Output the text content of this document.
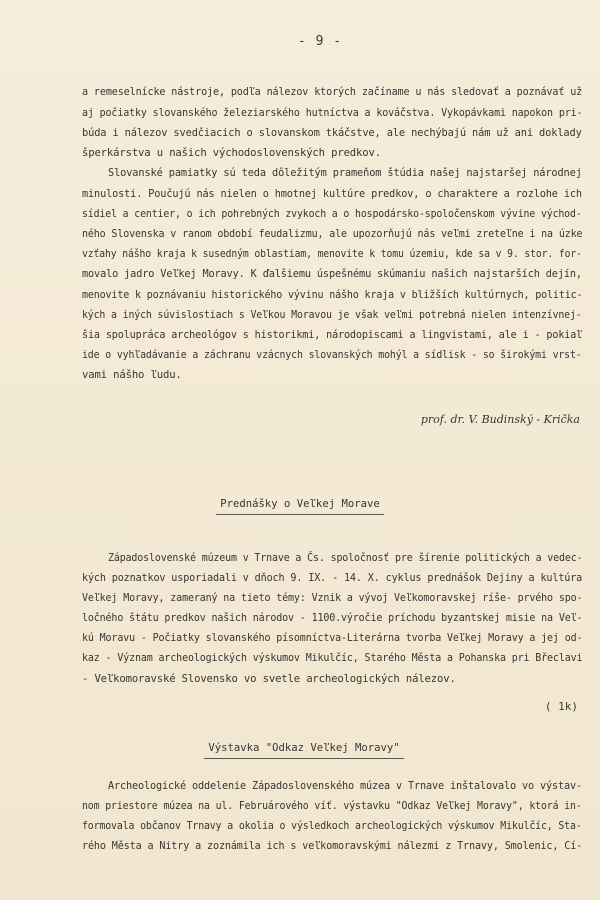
- 9 -
a remeselnícke nástroje, podľa nálezov ktorých začíname u nás sledovať a poznávať už
aj počiatky slovanského železiarského hutníctva a kováčstva. Vykopávkami napokon pri-
búda i nálezov svedčiacich o slovanskom tkáčstve, ale nechýbajú nám už ani doklady
šperkárstva u našich východoslovenských predkov.
Slovanské pamiatky sú teda dôležitým prameňom štúdia našej najstaršej národnej
minulosti. Poučujú nás nielen o hmotnej kultúre predkov, o charaktere a rozlohe ich
sídiel a centier, o ich pohrebných zvykoch a o hospodársko-spoločenskom vývine východ-
ného Slovenska v ranom období feudalizmu, ale upozorňujú nás veľmi zreteľne i na úzke
vzťahy nášho kraja k susedným oblastiam, menovite k tomu územiu, kde sa v 9. stor. for-
movalo jadro Veľkej Moravy. K ďalšiemu úspešnému skúmaniu našich najstarších dejín,
menovite k poznávaniu historického vývinu nášho kraja v bližších kultúrnych, politic-
kých a iných súvislostiach s Veľkou Moravou je však veľmi potrebná nielen intenzívnej-
šia spolupráca archeológov s historikmi, národopiscami a lingvistami, ale i - pokiaľ
ide o vyhľadávanie a záchranu vzácnych slovanských mohýl a sídlisk - so širokými vrst-
vami nášho ľudu.
prof. dr. V. Budinský - Krička
Prednášky o Veľkej Morave
Západoslovenské múzeum v Trnave a Čs. spoločnosť pre šírenie politických a vedec-
kých poznatkov usporiadali v dňoch 9. IX. - 14. X. cyklus prednášok Dejiny a kultúra
Veľkej Moravy, zameraný na tieto témy: Vznik a vývoj Veľkomoravskej ríše- prvého spo-
ločného štátu predkov našich národov - 1100.výročie príchodu byzantskej misie na Veľ-
kú Moravu - Počiatky slovanského písomníctva-Literárna tvorba Veľkej Moravy a jej od-
kaz - Význam archeologických výskumov Mikulčíc, Starého Města a Pohanska pri Břeclavi
- Veľkomoravské Slovensko vo svetle archeologických nálezov.
( 1k)
Výstavka "Odkaz Veľkej Moravy"
Archeologické oddelenie Západoslovenského múzea v Trnave inštalovalo vo výstav-
nom priestore múzea na ul. Februárového víť. výstavku "Odkaz Veľkej Moravy", ktorá in-
formovala občanov Trnavy a okolia o výsledkoch archeologických výskumov Mikulčíc, Sta-
rého Města a Nitry a zoznámila ich s veľkomoravskými nálezmi z Trnavy, Smolenic, Cí-
